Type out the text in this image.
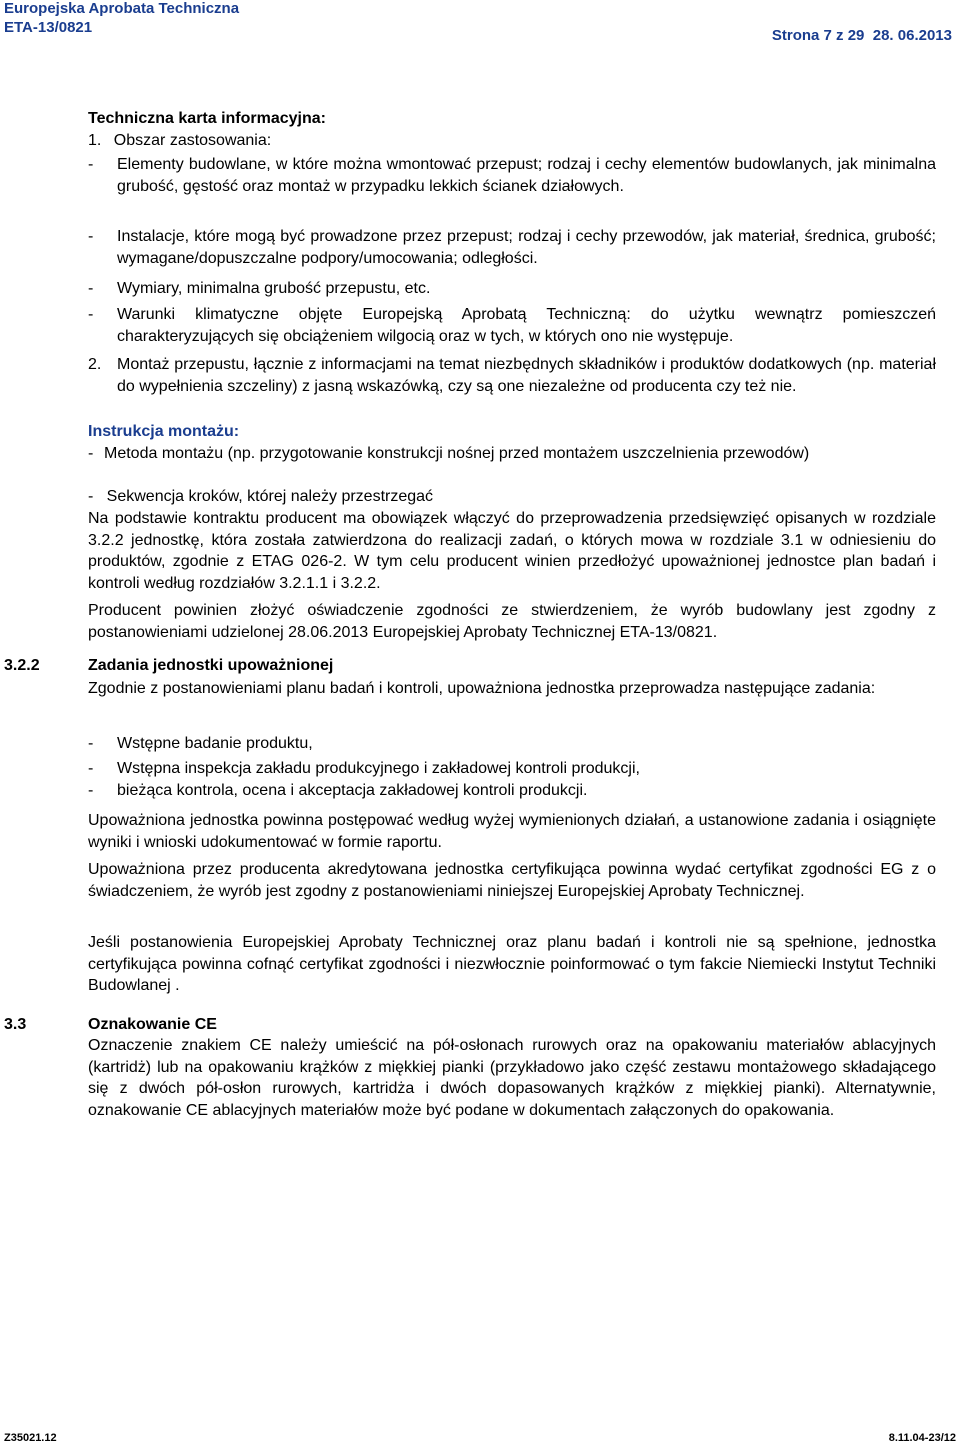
Europejska Aprobata Techniczna
ETA-13/0821	Strona 7 z 29 28. 06.2013
Techniczna karta informacyjna:
1. Obszar zastosowania:
-	Elementy budowlane, w które można wmontować przepust; rodzaj i cechy elementów budowlanych, jak minimalna grubość, gęstość oraz montaż w przypadku lekkich ścianek działowych.
-	Instalacje, które mogą być prowadzone przez przepust; rodzaj i cechy przewodów, jak materiał, średnica, grubość; wymagane/dopuszczalne podpory/umocowania; odległości.
-	Wymiary, minimalna grubość przepustu, etc.
-	Warunki klimatyczne objęte Europejską Aprobatą Techniczną: do użytku wewnątrz pomieszczeń charakteryzujących się obciążeniem wilgocią oraz w tych, w których ono nie występuje.
2. Montaż przepustu, łącznie z informacjami na temat niezbędnych składników i produktów dodatkowych (np. materiał do wypełnienia szczeliny) z jasną wskazówką, czy są one niezależne od producenta czy też nie.
Instrukcja montażu:
- Metoda montażu (np. przygotowanie konstrukcji nośnej przed montażem uszczelnienia przewodów)
-   Sekwencja kroków, której należy przestrzegać
Na podstawie kontraktu producent ma obowiązek włączyć do przeprowadzenia przedsięwzięć opisanych w rozdziale 3.2.2 jednostkę, która została zatwierdzona do realizacji zadań, o których mowa w rozdziale 3.1 w odniesieniu do produktów, zgodnie z ETAG 026-2. W tym celu producent winien przedłożyć upoważnionej jednostce plan badań i kontroli według rozdziałów 3.2.1.1 i 3.2.2.
Producent powinien złożyć oświadczenie zgodności ze stwierdzeniem, że wyrób budowlany jest zgodny z postanowieniami udzielonej 28.06.2013 Europejskiej Aprobaty Technicznej ETA-13/0821.
3.2.2	Zadania jednostki upoważnionej
Zgodnie z postanowieniami planu badań i kontroli, upoważniona jednostka przeprowadza następujące zadania:
-	Wstępne badanie produktu,
-	Wstępna inspekcja zakładu produkcyjnego i zakładowej kontroli produkcji,
-	bieżąca kontrola, ocena i akceptacja zakładowej kontroli produkcji.
Upoważniona jednostka powinna postępować według wyżej wymienionych działań, a ustanowione zadania i osiągnięte wyniki i wnioski udokumentować w formie raportu.
Upoważniona przez producenta akredytowana jednostka certyfikująca powinna wydać certyfikat zgodności EG z o świadczeniem, że wyrób jest zgodny z postanowieniami niniejszej Europejskiej Aprobaty Technicznej.
Jeśli postanowienia Europejskiej Aprobaty Technicznej oraz planu badań i kontroli nie są spełnione, jednostka certyfikująca powinna cofnąć certyfikat zgodności i niezwłocznie poinformować o tym fakcie Niemiecki Instytut Techniki Budowlanej .
3.3	Oznakowanie CE
Oznaczenie znakiem CE należy umieścić na pół-osłonach rurowych oraz na opakowaniu materiałów ablacyjnych (kartridż) lub na opakowaniu krążków z miękkiej pianki (przykładowo jako część zestawu montażowego składającego się z dwóch pół-osłon rurowych, kartridża i dwóch dopasowanych krążków z miękkiej pianki). Alternatywnie, oznakowanie CE ablacyjnych materiałów może być podane w dokumentach załączonych do opakowania.
Z35021.12	8.11.04-23/12
